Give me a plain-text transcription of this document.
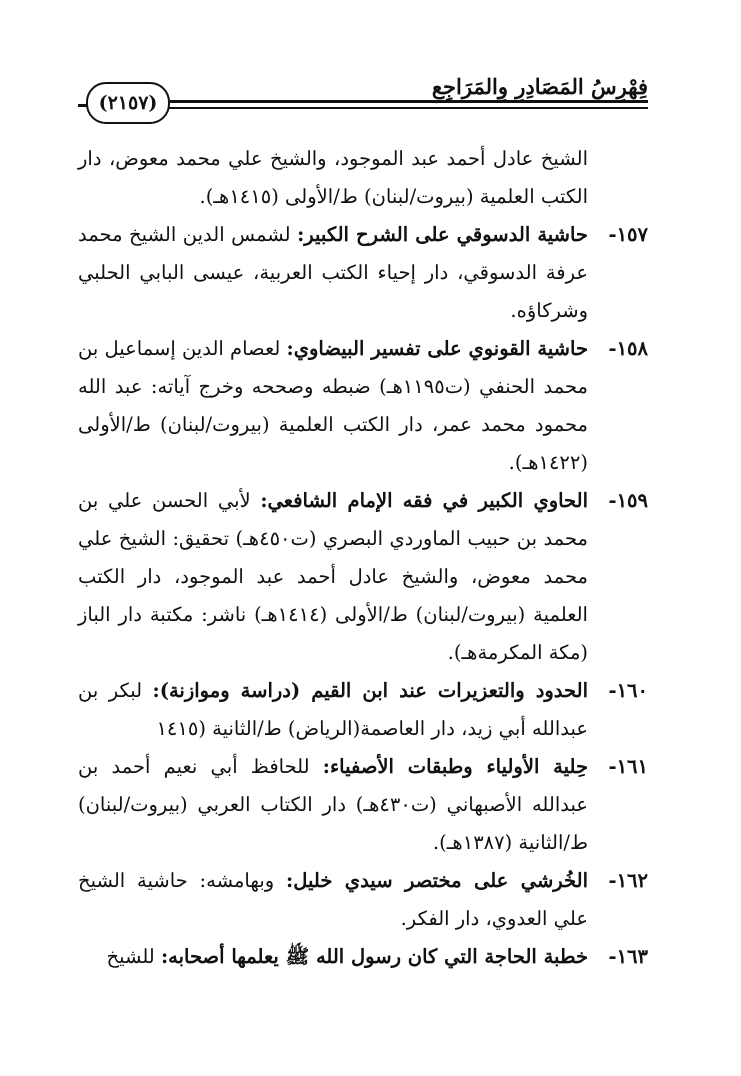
فِهْرِسُ المَصَادِرِ وِالمَرَاجِعِ
(٢١٥٧)
الشيخ عادل أحمد عبد الموجود، والشيخ علي محمد معوض، دار الكتب العلمية (بيروت/لبنان) ط/الأولى (١٤١٥هـ).
١٥٧-
حاشية الدسوقي على الشرح الكبير: لشمس الدين الشيخ محمد عرفة الدسوقي، دار إحياء الكتب العربية، عيسى البابي الحلبي وشركاؤه.
١٥٨-
حاشية القونوي على تفسير البيضاوي: لعصام الدين إسماعيل بن محمد الحنفي (ت١١٩٥هـ) ضبطه وصححه وخرج آياته: عبد الله محمود محمد عمر، دار الكتب العلمية (بيروت/لبنان) ط/الأولى (١٤٢٢هـ).
١٥٩-
الحاوي الكبير في فقه الإمام الشافعي: لأبي الحسن علي بن محمد بن حبيب الماوردي البصري (ت٤٥٠هـ) تحقيق: الشيخ علي محمد معوض، والشيخ عادل أحمد عبد الموجود، دار الكتب العلمية (بيروت/لبنان) ط/الأولى (١٤١٤هـ) ناشر: مكتبة دار الباز (مكة المكرمةهـ).
١٦٠-
الحدود والتعزيرات عند ابن القيم (دراسة وموازنة): لبكر بن عبدالله أبي زيد، دار العاصمة(الرياض) ط/الثانية (١٤١٥
١٦١-
حِلية الأولياء وطبقات الأصفياء: للحافظ أبي نعيم أحمد بن عبدالله الأصبهاني (ت٤٣٠هـ) دار الكتاب العربي (بيروت/لبنان) ط/الثانية (١٣٨٧هـ).
١٦٢-
الخُرشي على مختصر سيدي خليل: وبهامشه: حاشية الشيخ علي العدوي، دار الفكر.
١٦٣-
خطبة الحاجة التي كان رسول الله ﷺ يعلمها أصحابه: للشيخ
